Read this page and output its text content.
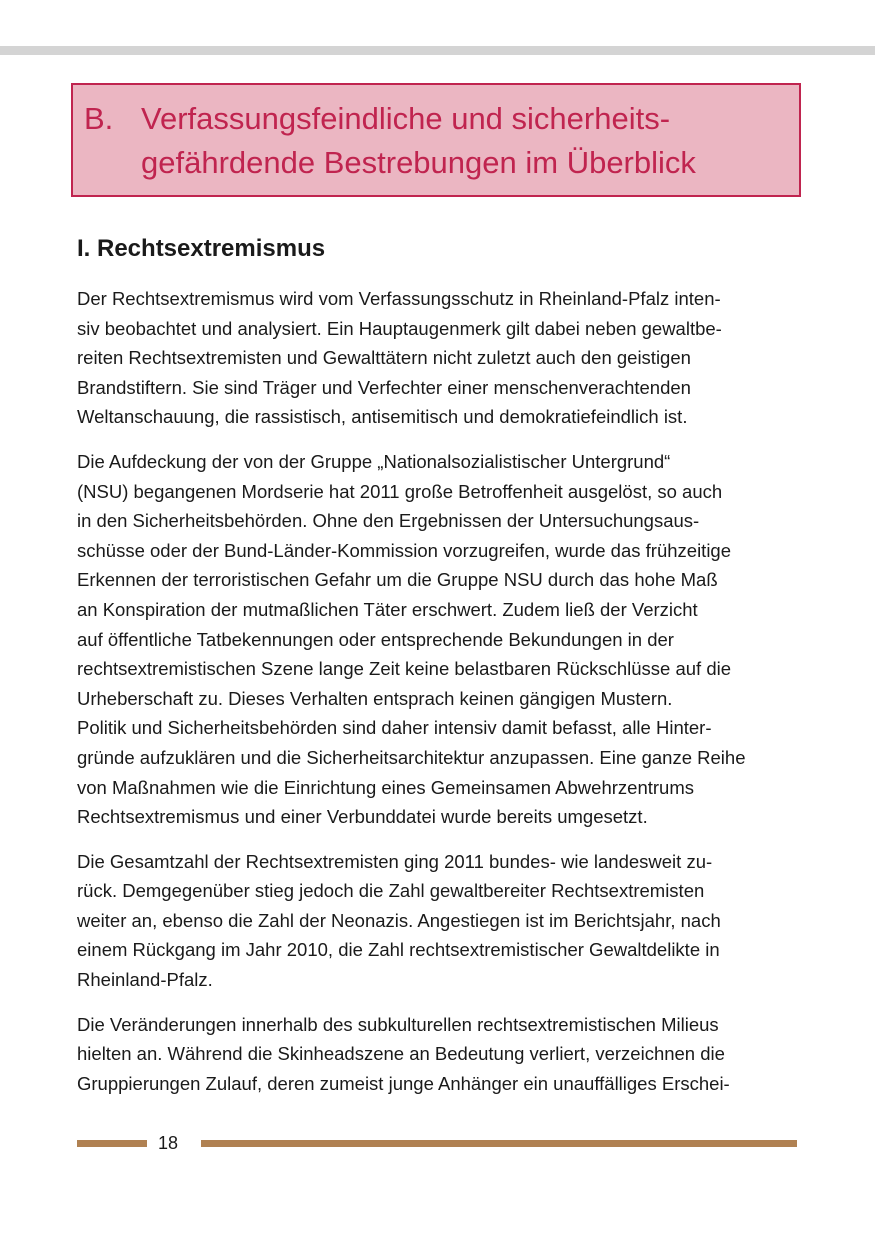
B. Verfassungsfeindliche und sicherheits-
gefährdende Bestrebungen im Überblick
I. Rechtsextremismus

Der Rechtsextremismus wird vom Verfassungsschutz in Rheinland-Pfalz inten-
siv beobachtet und analysiert. Ein Hauptaugenmerk gilt dabei neben gewaltbe-
reiten Rechtsextremisten und Gewalttätern nicht zuletzt auch den geistigen
Brandstiftern. Sie sind Träger und Verfechter einer menschenverachtenden
Weltanschauung, die rassistisch, antisemitisch und demokratiefeindlich ist.

Die Aufdeckung der von der Gruppe „Nationalsozialistischer Untergrund“
(NSU) begangenen Mordserie hat 2011 große Betroffenheit ausgelöst, so auch
in den Sicherheitsbehörden. Ohne den Ergebnissen der Untersuchungsaus-
schüsse oder der Bund-Länder-Kommission vorzugreifen, wurde das frühzeitige
Erkennen der terroristischen Gefahr um die Gruppe NSU durch das hohe Maß
an Konspiration der mutmaßlichen Täter erschwert. Zudem ließ der Verzicht
auf öffentliche Tatbekennungen oder entsprechende Bekundungen in der
rechtsextremistischen Szene lange Zeit keine belastbaren Rückschlüsse auf die
Urheberschaft zu. Dieses Verhalten entsprach keinen gängigen Mustern.
Politik und Sicherheitsbehörden sind daher intensiv damit befasst, alle Hinter-
gründe aufzuklären und die Sicherheitsarchitektur anzupassen. Eine ganze Reihe
von Maßnahmen wie die Einrichtung eines Gemeinsamen Abwehrzentrums
Rechtsextremismus und einer Verbunddatei wurde bereits umgesetzt.

Die Gesamtzahl der Rechtsextremisten ging 2011 bundes- wie landesweit zu-
rück. Demgegenüber stieg jedoch die Zahl gewaltbereiter Rechtsextremisten
weiter an, ebenso die Zahl der Neonazis. Angestiegen ist im Berichtsjahr, nach
einem Rückgang im Jahr 2010, die Zahl rechtsextremistischer Gewaltdelikte in
Rheinland-Pfalz.

Die Veränderungen innerhalb des subkulturellen rechtsextremistischen Milieus
hielten an. Während die Skinheadszene an Bedeutung verliert, verzeichnen die
Gruppierungen Zulauf, deren zumeist junge Anhänger ein unauffälliges Erschei-

18
